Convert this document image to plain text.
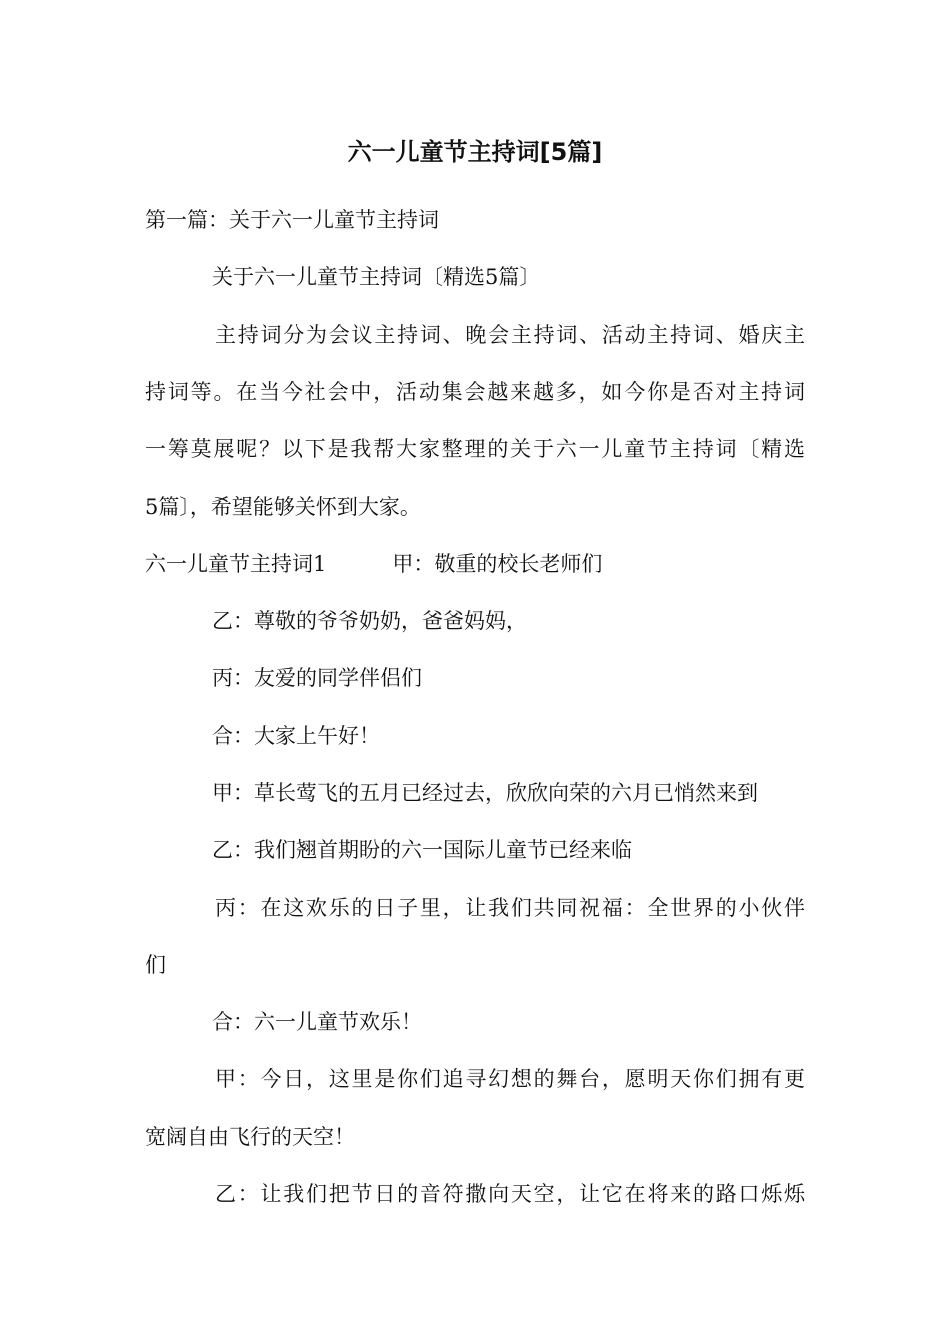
六一儿童节主持词[5篇]

第一篇：关于六一儿童节主持词

关于六一儿童节主持词〔精选5篇〕

主持词分为会议主持词、晚会主持词、活动主持词、婚庆主

持词等。在当今社会中，活动集会越来越多，如今你是否对主持词

一筹莫展呢？以下是我帮大家整理的关于六一儿童节主持词〔精选

5篇〕，希望能够关怀到大家。

六一儿童节主持词1	甲：敬重的校长老师们

乙：尊敬的爷爷奶奶，爸爸妈妈，

丙：友爱的同学伴侣们

合：大家上午好！

甲：草长莺飞的五月已经过去，欣欣向荣的六月已悄然来到

乙：我们翘首期盼的六一国际儿童节已经来临

丙：在这欢乐的日子里，让我们共同祝福：全世界的小伙伴

们

合：六一儿童节欢乐！

甲：今日，这里是你们追寻幻想的舞台，愿明天你们拥有更

宽阔自由飞行的天空！

乙：让我们把节日的音符撒向天空，让它在将来的路口烁烁
